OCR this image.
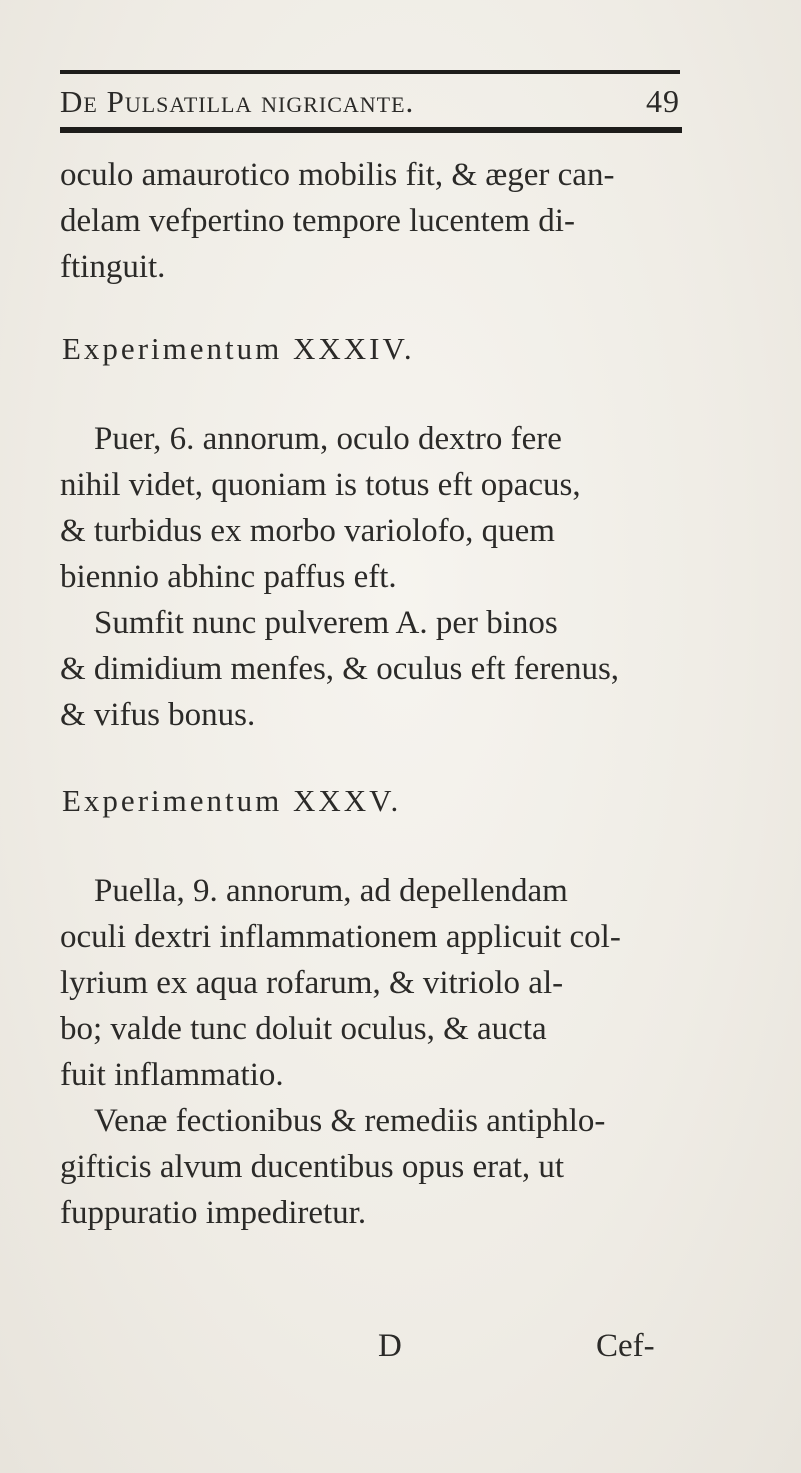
De Pulsatilla nigricante.	49
oculo amaurotico mobilis fit, & æger can-
delam vefpertino tempore lucentem di-
ftinguit.
Experimentum XXXIV.
Puer, 6. annorum, oculo dextro fere
nihil videt, quoniam is totus eft opacus,
& turbidus ex morbo variolofo, quem
biennio abhinc paffus eft.
Sumfit nunc pulverem A. per binos
& dimidium menfes, & oculus eft ferenus,
& vifus bonus.
Experimentum XXXV.
Puella, 9. annorum, ad depellendam
oculi dextri inflammationem applicuit col-
lyrium ex aqua rofarum, & vitriolo al-
bo; valde tunc doluit oculus, & aucta
fuit inflammatio.
Venæ fectionibus & remediis antiphlo-
gifticis alvum ducentibus opus erat, ut
fuppuratio impediretur.
D	Cef-
